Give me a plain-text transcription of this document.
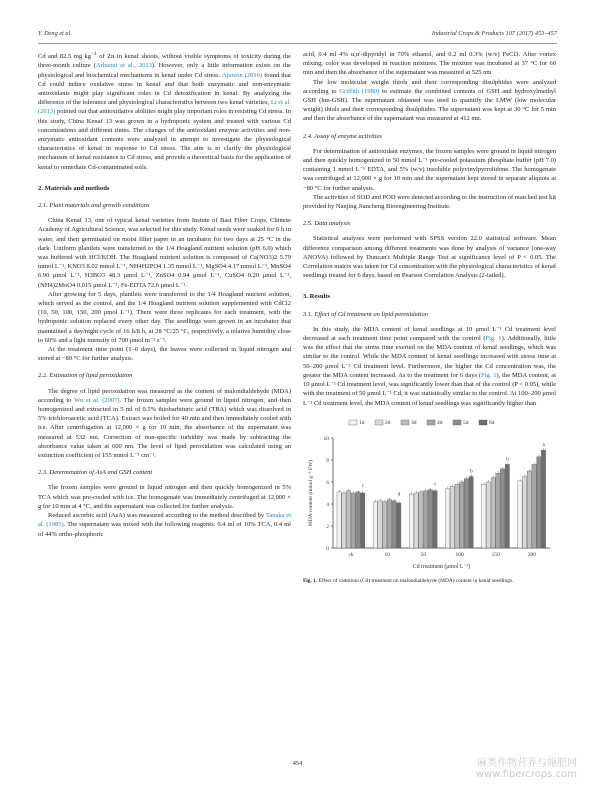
Y. Deng et al.	Industrial Crops & Products 107 (2017) 453–457

Cd and 82.5 mg $kg^{-1}$ of Zn in kenaf shoots, without visible symptoms of toxicity during the three-month culture (Arbaoui et al., 2013). However, only a little information exists on the physiological and biochemical mechanisms in kenaf under Cd stress. Ajuwon (2010) found that Cd could induce oxidative stress in kenaf and that both enzymatic and non-enzymatic antioxidants might play significant roles in Cd detoxification in kenaf. By analyzing the difference of the tolerance and physiological characteristics between two kenaf varieties, Li et al. (2013) pointed out that antioxidative abilities might play important roles in resisting Cd stress. In this study, China Kenaf 13 was grown in a hydroponic system and treated with various Cd concentrations and different times. The changes of the antioxidant enzyme activities and non-enzymatic antioxidant contents were analyzed in attempt to investigate the physiological characteristics of kenaf in response to Cd stress. The aim is to clarify the physiological mechanism of kenaf resistance to Cd stress, and provide a theoretical basis for the application of kenaf to remediate Cd-contaminated soils.

2. Materials and methods
2.1. Plant materials and growth conditions

China Kenaf 13, one of typical kenaf varieties from Instute of Bast Fiber Crops, Chinese Academy of Agricultural Science, was selected for this study. Kenaf seeds were soaked for 6 h in water, and then germinated on moist filter paper in an incubator for two days at 25 °C in the dark. Uniform plantlets were transferred to the 1/4 Hoagland nutrient solution (pH 6.0) which was buffered with HCl/KOH. The Hoagland nutrient solution is composed of Ca(NO3)2 5.79 mmol L⁻¹, KNO3 8.02 mmol L⁻¹, NH4H2PO4 1.35 mmol L⁻¹, MgSO4 4.17 mmol L⁻¹, MnSO4 6.90 μmol L⁻¹, H3BO3 48.3 μmol L⁻¹, ZnSO4 0.94 μmol L⁻¹, CuSO4 0.20 μmol L⁻¹, (NH4)2MoO4 0.015 μmol L⁻¹, Fe-EDTA 72.6 μmol L⁻¹.

After growing for 5 days, plantlets were transferred to the 1/4 Hoagland nutrient solution, which served as the control, and the 1/4 Hoagland nutrient solution supplemented with CdCl2 (10, 50, 100, 150, 200 μmol L⁻¹). There were three replicates for each treatment, with the hydroponic solution replaced every other day. The seedlings were grown in an incubator that maintained a day/night cycle of 16 h/8 h, at 28 °C/25 °C, respectively, a relative humidity close to 60% and a light intensity of 700 μmol m⁻² s⁻¹.

At the treatment time point (1–6 days), the leaves were collected in liquid nitrogen and stored at −80 °C for further analysis.

2.2. Estimation of lipid peroxidation

The degree of lipid peroxidation was measured as the content of malondialdehyde (MDA) according to Wu et al. (2007). The frozen samples were ground in liquid nitrogen, and then homogenized and extracted in 5 ml of 0.5% thiobarbituric acid (TBA) which was dissolved in 5% trichloroacetic acid (TCA). Extract was boiled for 40 min and then immediately cooled with ice. After centrifugation at 12,000 × g for 10 min, the absorbance of the supernatant was measured at 532 nm. Correction of non-specific turbidity was made by subtracting the absorbance value taken at 600 nm. The level of lipid peroxidation was calculated using an extinction coefficient of 155 mmol L⁻¹ cm⁻¹.

2.3. Determination of AsA and GSH content

The frozen samples were ground in liquid nitrogen and then quickly homogenized in 5% TCA which was pre-cooled with ice. The homogenate was immediately centrifuged at 12,000 × g for 10 min at 4 °C, and the supernatant was collected for further analysis.

Reduced ascorbic acid (AsA) was measured according to the method described by Tanaka et al. (1985). The supernatant was mixed with the following reagents: 0.4 ml of 10% TCA, 0.4 ml of 44% ortho-phosphoric

acid, 0.4 ml 4% α,α'-dipyridyl in 70% ethanol, and 0.2 ml 0.3% (w/v) FeCl3. After vortex mixing, color was developed in reaction mixtures. The mixture was incubated at 37 °C for 60 min and then the absorbance of the supernatant was measured at 525 nm

The low molecular weight thiols and their corresponding disulphides were analyzed according to Griffith (1980) to estimate the combined contents of GSH and hydroxylmethyl GSH (hm-GSH). The supernatant obtained was used to quantify the LMW (low molecular weight) thiols and their corresponding disulphides. The supernatant was kept at 30 °C for 5 min and then the absorbance of the supernatant was measured at 412 nm.

2.4. Assay of enzyme activities

For determination of antioxidant enzymes, the frozen samples were ground in liquid nitrogen and then quickly homogenized in 50 mmol L⁻¹ pre-cooled potassium phosphate buffer (pH 7.0) containing 1 mmol L⁻¹ EDTA, and 5% (w/v) insoluble polyvinylpyrrolidone. The homogenate was centrifuged at 12,000 × g for 10 min and the supernatant kept stored in separate aliquots at −80 °C for further analysis.

The activities of SOD and POD were detected according to the instruction of matched test kit provided by Nanjing Jiancheng Bioengineering Institute.

2.5. Data analysis

Statistical analyses were performed with SPSS version 22.0 statistical software. Mean difference comparison among different treatments was done by analysis of variance (one-way ANOVA) followed by Duncan's Multiple Range Test at significance level of P < 0.05. The Correlation matrix was taken for Cd concentration with the physiological characteristics of kenaf seedlings treated for 6 days, based on Pearson Correlation Analysis (2-tailed).

3. Results
3.1. Effect of Cd treatment on lipid peroxidation

In this study, the MDA content of kenaf seedlings at 10 μmol L⁻¹ Cd treatment level decreased at each treatment time point compared with the control (Fig. 1). Additionally, little was the effect that the stress time exerted on the MDA content of kenaf seedlings, which was similar to the control. While the MDA content of kenaf seedlings increased with stress time at 50–200 μmol L⁻¹ Cd treatment level. Furthermore, the higher the Cd concentration was, the greater the MDA content increased. As to the treatment for 6 days (Fig. 1), the MDA content, at 10 μmol L⁻¹ Cd treatment level, was significantly lower than that of the control (P < 0.05), while with the treatment of 50 μmol L⁻¹ Cd, it was statistically similar to the control. At 100–200 μmol L⁻¹ Cd treatment level, the MDA content of kenaf seedlings was significantly higher than

0
2
4
6
8
10
MDA content (mmol g⁻¹ FW)	c
ck
d
10
c
50
b
100
b
150
a
200
Cd treatment (μmol L⁻¹)
1d	2d	3d	4d	5d	6d
Fig. 1. Effect of cadmium (Cd) treatment on malondialdehyde (MDA) content in kenaf seedlings.
454	麻类作物营养与施肥网
www.fibercrops.com
